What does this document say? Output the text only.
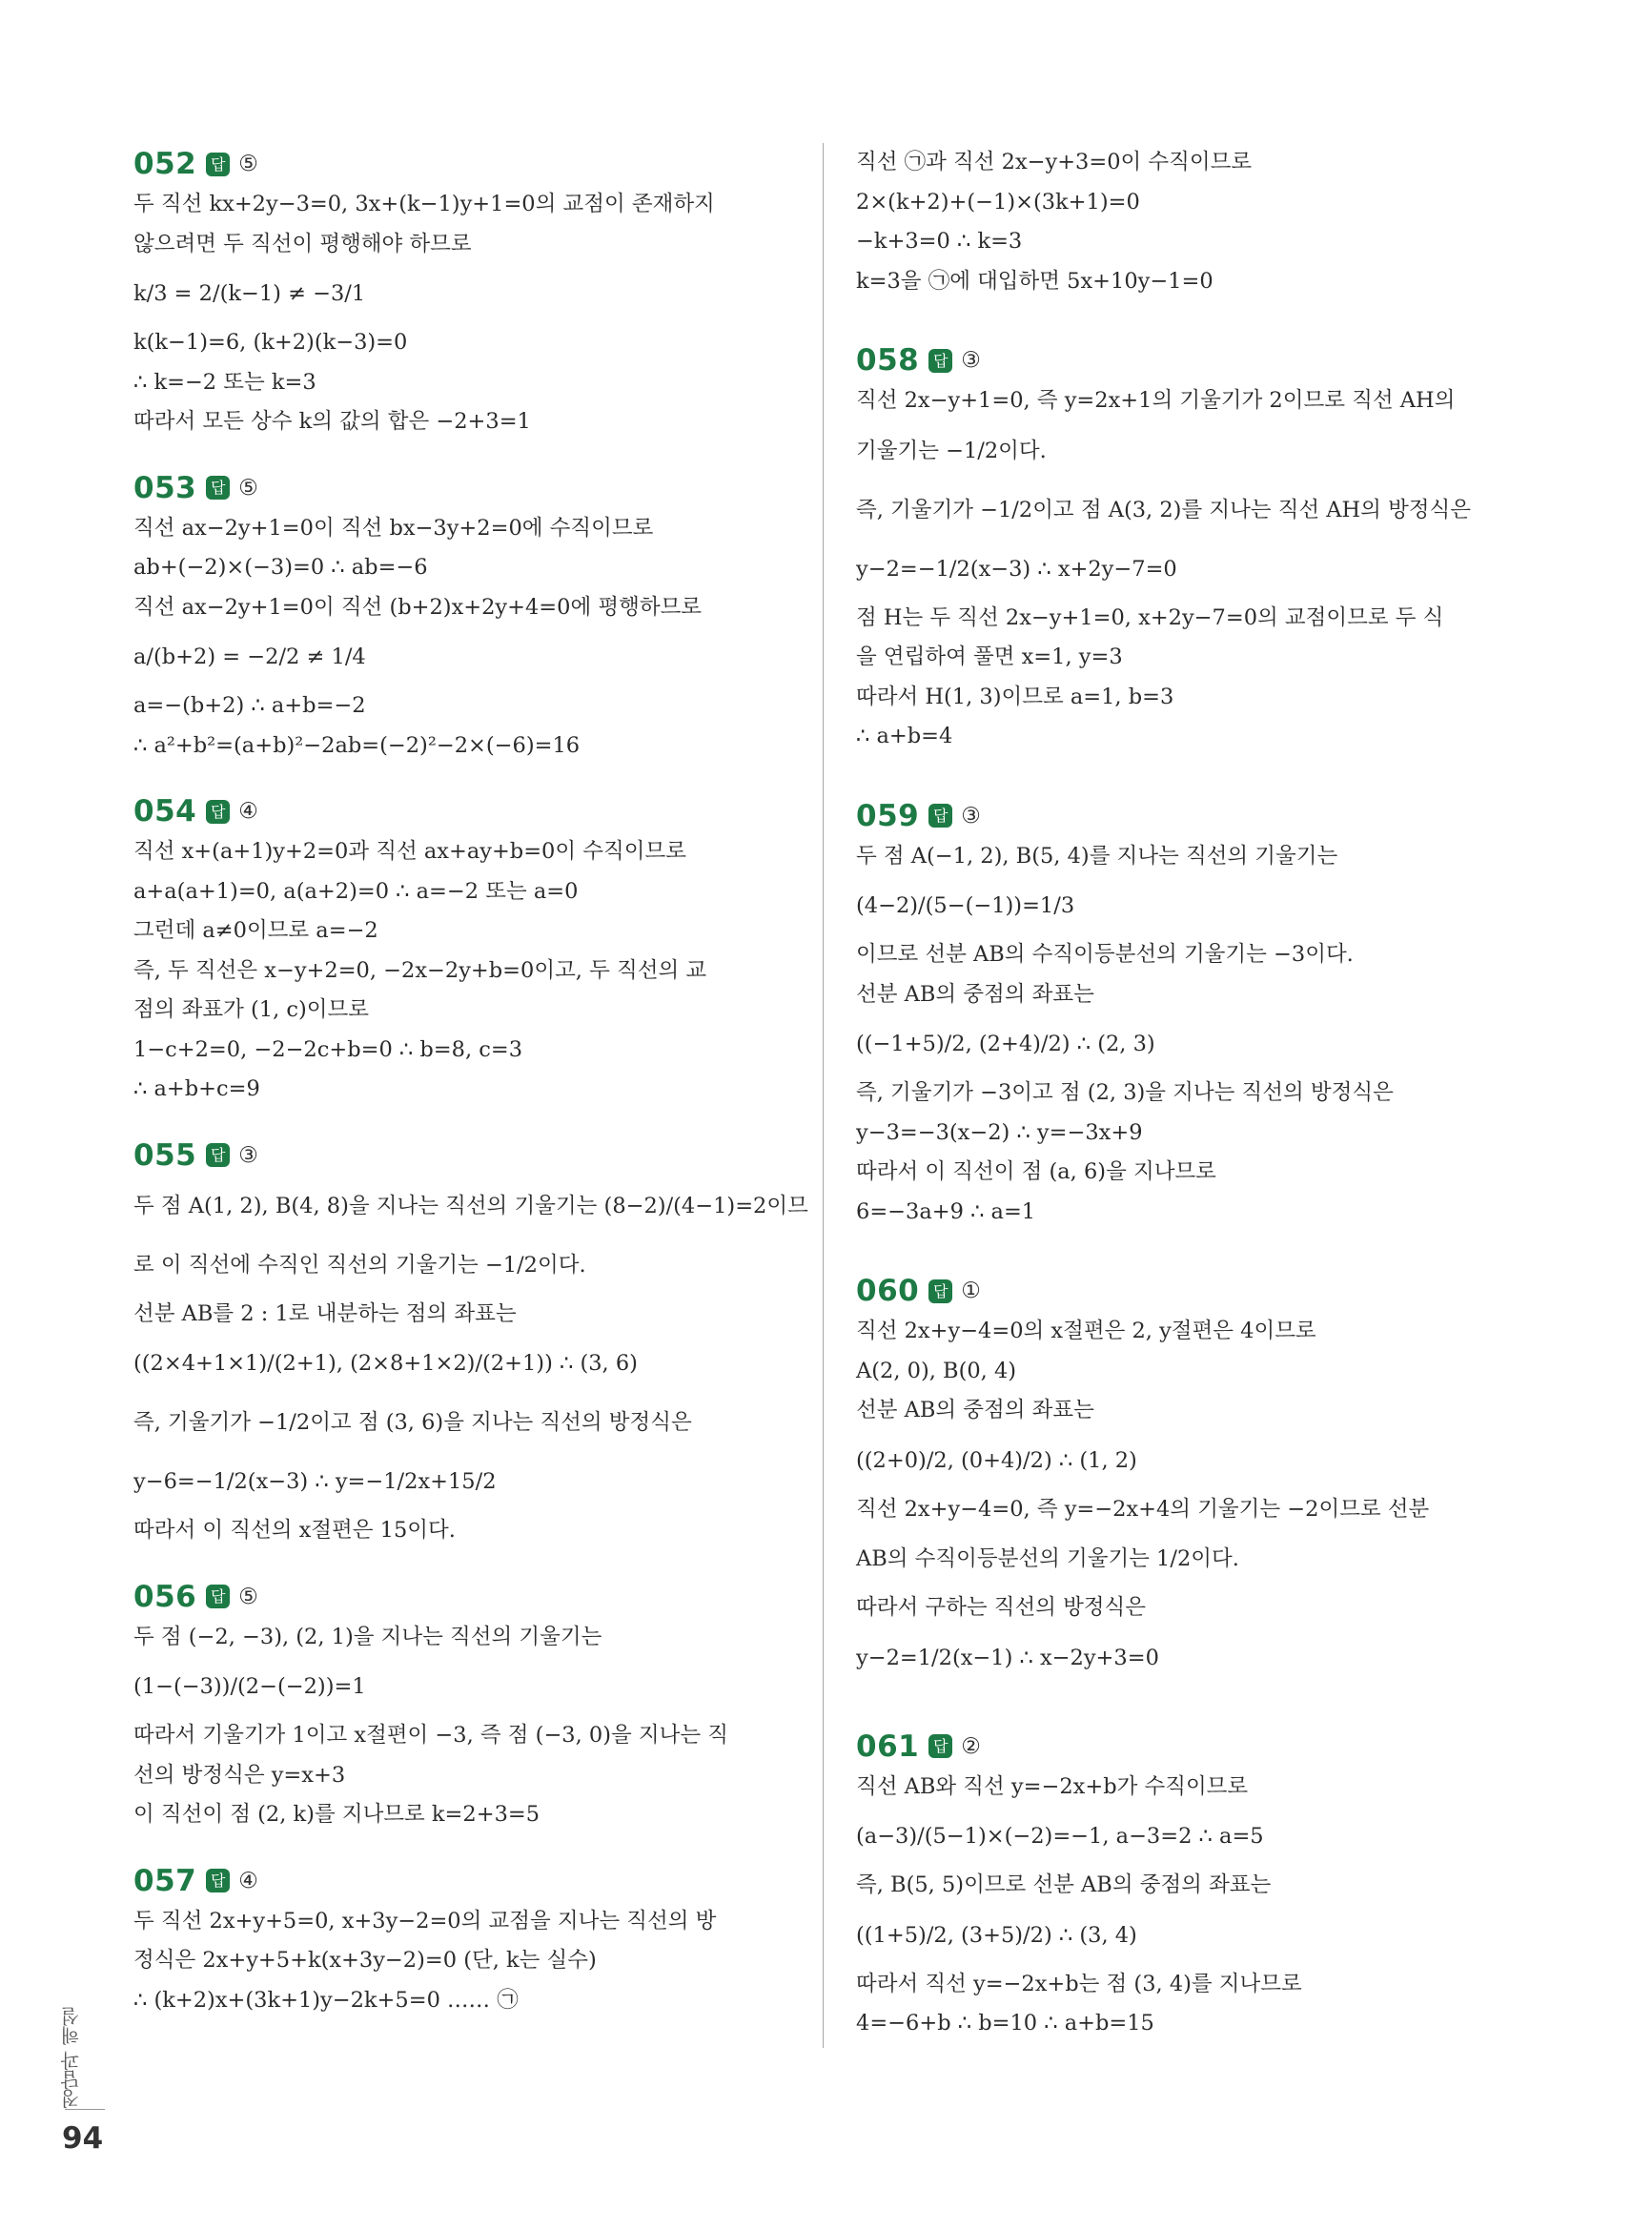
052 답 ⑤
두 직선 kx+2y−3=0, 3x+(k−1)y+1=0의 교점이 존재하지
않으려면 두 직선이 평행해야 하므로
k/3 = 2/(k−1) ≠ −3/1
k(k−1)=6, (k+2)(k−3)=0
∴ k=−2 또는 k=3
따라서 모든 상수 k의 값의 합은 −2+3=1
053 답 ⑤
직선 ax−2y+1=0이 직선 bx−3y+2=0에 수직이므로
ab+(−2)×(−3)=0 ∴ ab=−6
직선 ax−2y+1=0이 직선 (b+2)x+2y+4=0에 평행하므로
a/(b+2) = −2/2 ≠ 1/4
a=−(b+2) ∴ a+b=−2
∴ a²+b²=(a+b)²−2ab=(−2)²−2×(−6)=16
054 답 ④
직선 x+(a+1)y+2=0과 직선 ax+ay+b=0이 수직이므로
a+a(a+1)=0, a(a+2)=0 ∴ a=−2 또는 a=0
그런데 a≠0이므로 a=−2
즉, 두 직선은 x−y+2=0, −2x−2y+b=0이고, 두 직선의 교
점의 좌표가 (1, c)이므로
1−c+2=0, −2−2c+b=0 ∴ b=8, c=3
∴ a+b+c=9
055 답 ③
두 점 A(1, 2), B(4, 8)을 지나는 직선의 기울기는 (8−2)/(4−1)=2이므
로 이 직선에 수직인 직선의 기울기는 −1/2이다.
선분 AB를 2 : 1로 내분하는 점의 좌표는
((2×4+1×1)/(2+1), (2×8+1×2)/(2+1)) ∴ (3, 6)
즉, 기울기가 −1/2이고 점 (3, 6)을 지나는 직선의 방정식은
y−6=−1/2(x−3) ∴ y=−1/2x+15/2
따라서 이 직선의 x절편은 15이다.
056 답 ⑤
두 점 (−2, −3), (2, 1)을 지나는 직선의 기울기는
(1−(−3))/(2−(−2))=1
따라서 기울기가 1이고 x절편이 −3, 즉 점 (−3, 0)을 지나는 직
선의 방정식은 y=x+3
이 직선이 점 (2, k)를 지나므로 k=2+3=5
057 답 ④
두 직선 2x+y+5=0, x+3y−2=0의 교점을 지나는 직선의 방
정식은 2x+y+5+k(x+3y−2)=0 (단, k는 실수)
∴ (k+2)x+(3k+1)y−2k+5=0 …… ㉠
직선 ㉠과 직선 2x−y+3=0이 수직이므로
2×(k+2)+(−1)×(3k+1)=0
−k+3=0 ∴ k=3
k=3을 ㉠에 대입하면 5x+10y−1=0
058 답 ③
직선 2x−y+1=0, 즉 y=2x+1의 기울기가 2이므로 직선 AH의
기울기는 −1/2이다.
즉, 기울기가 −1/2이고 점 A(3, 2)를 지나는 직선 AH의 방정식은
y−2=−1/2(x−3) ∴ x+2y−7=0
점 H는 두 직선 2x−y+1=0, x+2y−7=0의 교점이므로 두 식
을 연립하여 풀면 x=1, y=3
따라서 H(1, 3)이므로 a=1, b=3
∴ a+b=4
059 답 ③
두 점 A(−1, 2), B(5, 4)를 지나는 직선의 기울기는
(4−2)/(5−(−1))=1/3
이므로 선분 AB의 수직이등분선의 기울기는 −3이다.
선분 AB의 중점의 좌표는
((−1+5)/2, (2+4)/2) ∴ (2, 3)
즉, 기울기가 −3이고 점 (2, 3)을 지나는 직선의 방정식은
y−3=−3(x−2) ∴ y=−3x+9
따라서 이 직선이 점 (a, 6)을 지나므로
6=−3a+9 ∴ a=1
060 답 ①
직선 2x+y−4=0의 x절편은 2, y절편은 4이므로
A(2, 0), B(0, 4)
선분 AB의 중점의 좌표는
((2+0)/2, (0+4)/2) ∴ (1, 2)
직선 2x+y−4=0, 즉 y=−2x+4의 기울기는 −2이므로 선분
AB의 수직이등분선의 기울기는 1/2이다.
따라서 구하는 직선의 방정식은
y−2=1/2(x−1) ∴ x−2y+3=0
061 답 ②
직선 AB와 직선 y=−2x+b가 수직이므로
(a−3)/(5−1)×(−2)=−1, a−3=2 ∴ a=5
즉, B(5, 5)이므로 선분 AB의 중점의 좌표는
((1+5)/2, (3+5)/2) ∴ (3, 4)
따라서 직선 y=−2x+b는 점 (3, 4)를 지나므로
4=−6+b ∴ b=10 ∴ a+b=15
정답과 해설
94
